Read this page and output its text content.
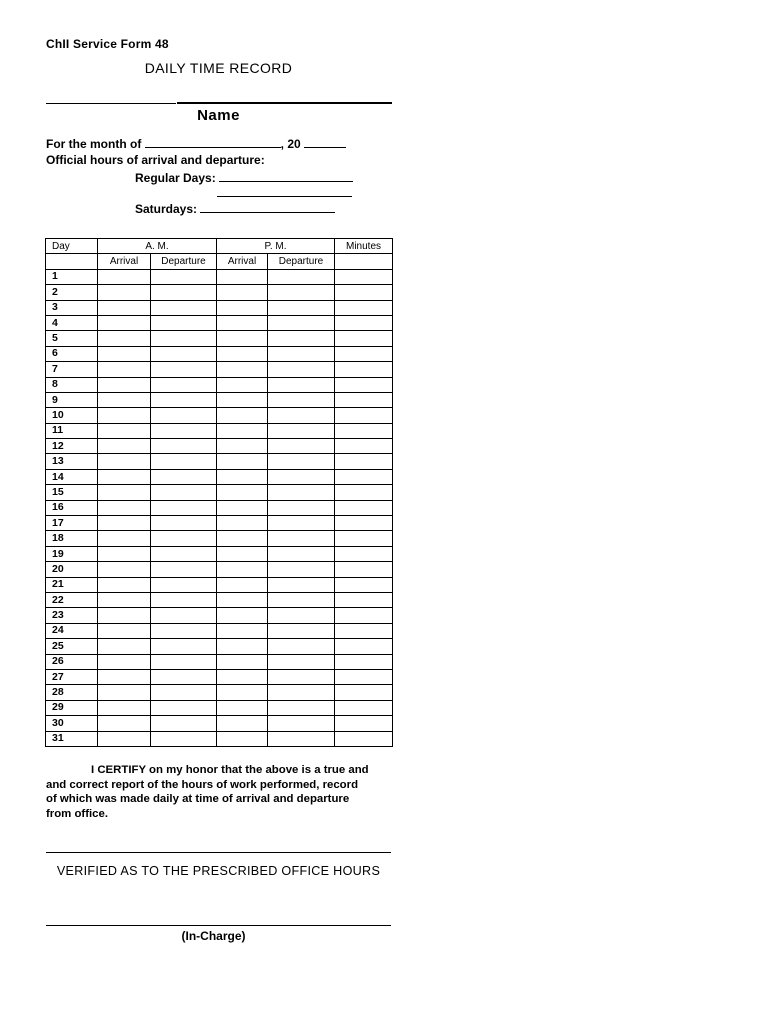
ChII Service Form 48
DAILY TIME RECORD
Name
For the month of	, 20
Official hours of arrival and departure:
Regular Days:
Saturdays:
Day	A. M.		P. M.		Minutes
	Arrival	Departure	Arrival	Departure	
1					
2					
3					
4					
5					
6					
7					
8					
9					
10					
11					
12					
13					
14					
15					
16					
17					
18					
19					
20					
21					
22					
23					
24					
25					
26					
27					
28					
29					
30					
31					
I CERTIFY on my honor that the above is a true and
and correct report of the hours of work performed, record
of which was made daily at time of arrival and departure
from office.
VERIFIED AS TO THE PRESCRIBED OFFICE HOURS
(In-Charge)
